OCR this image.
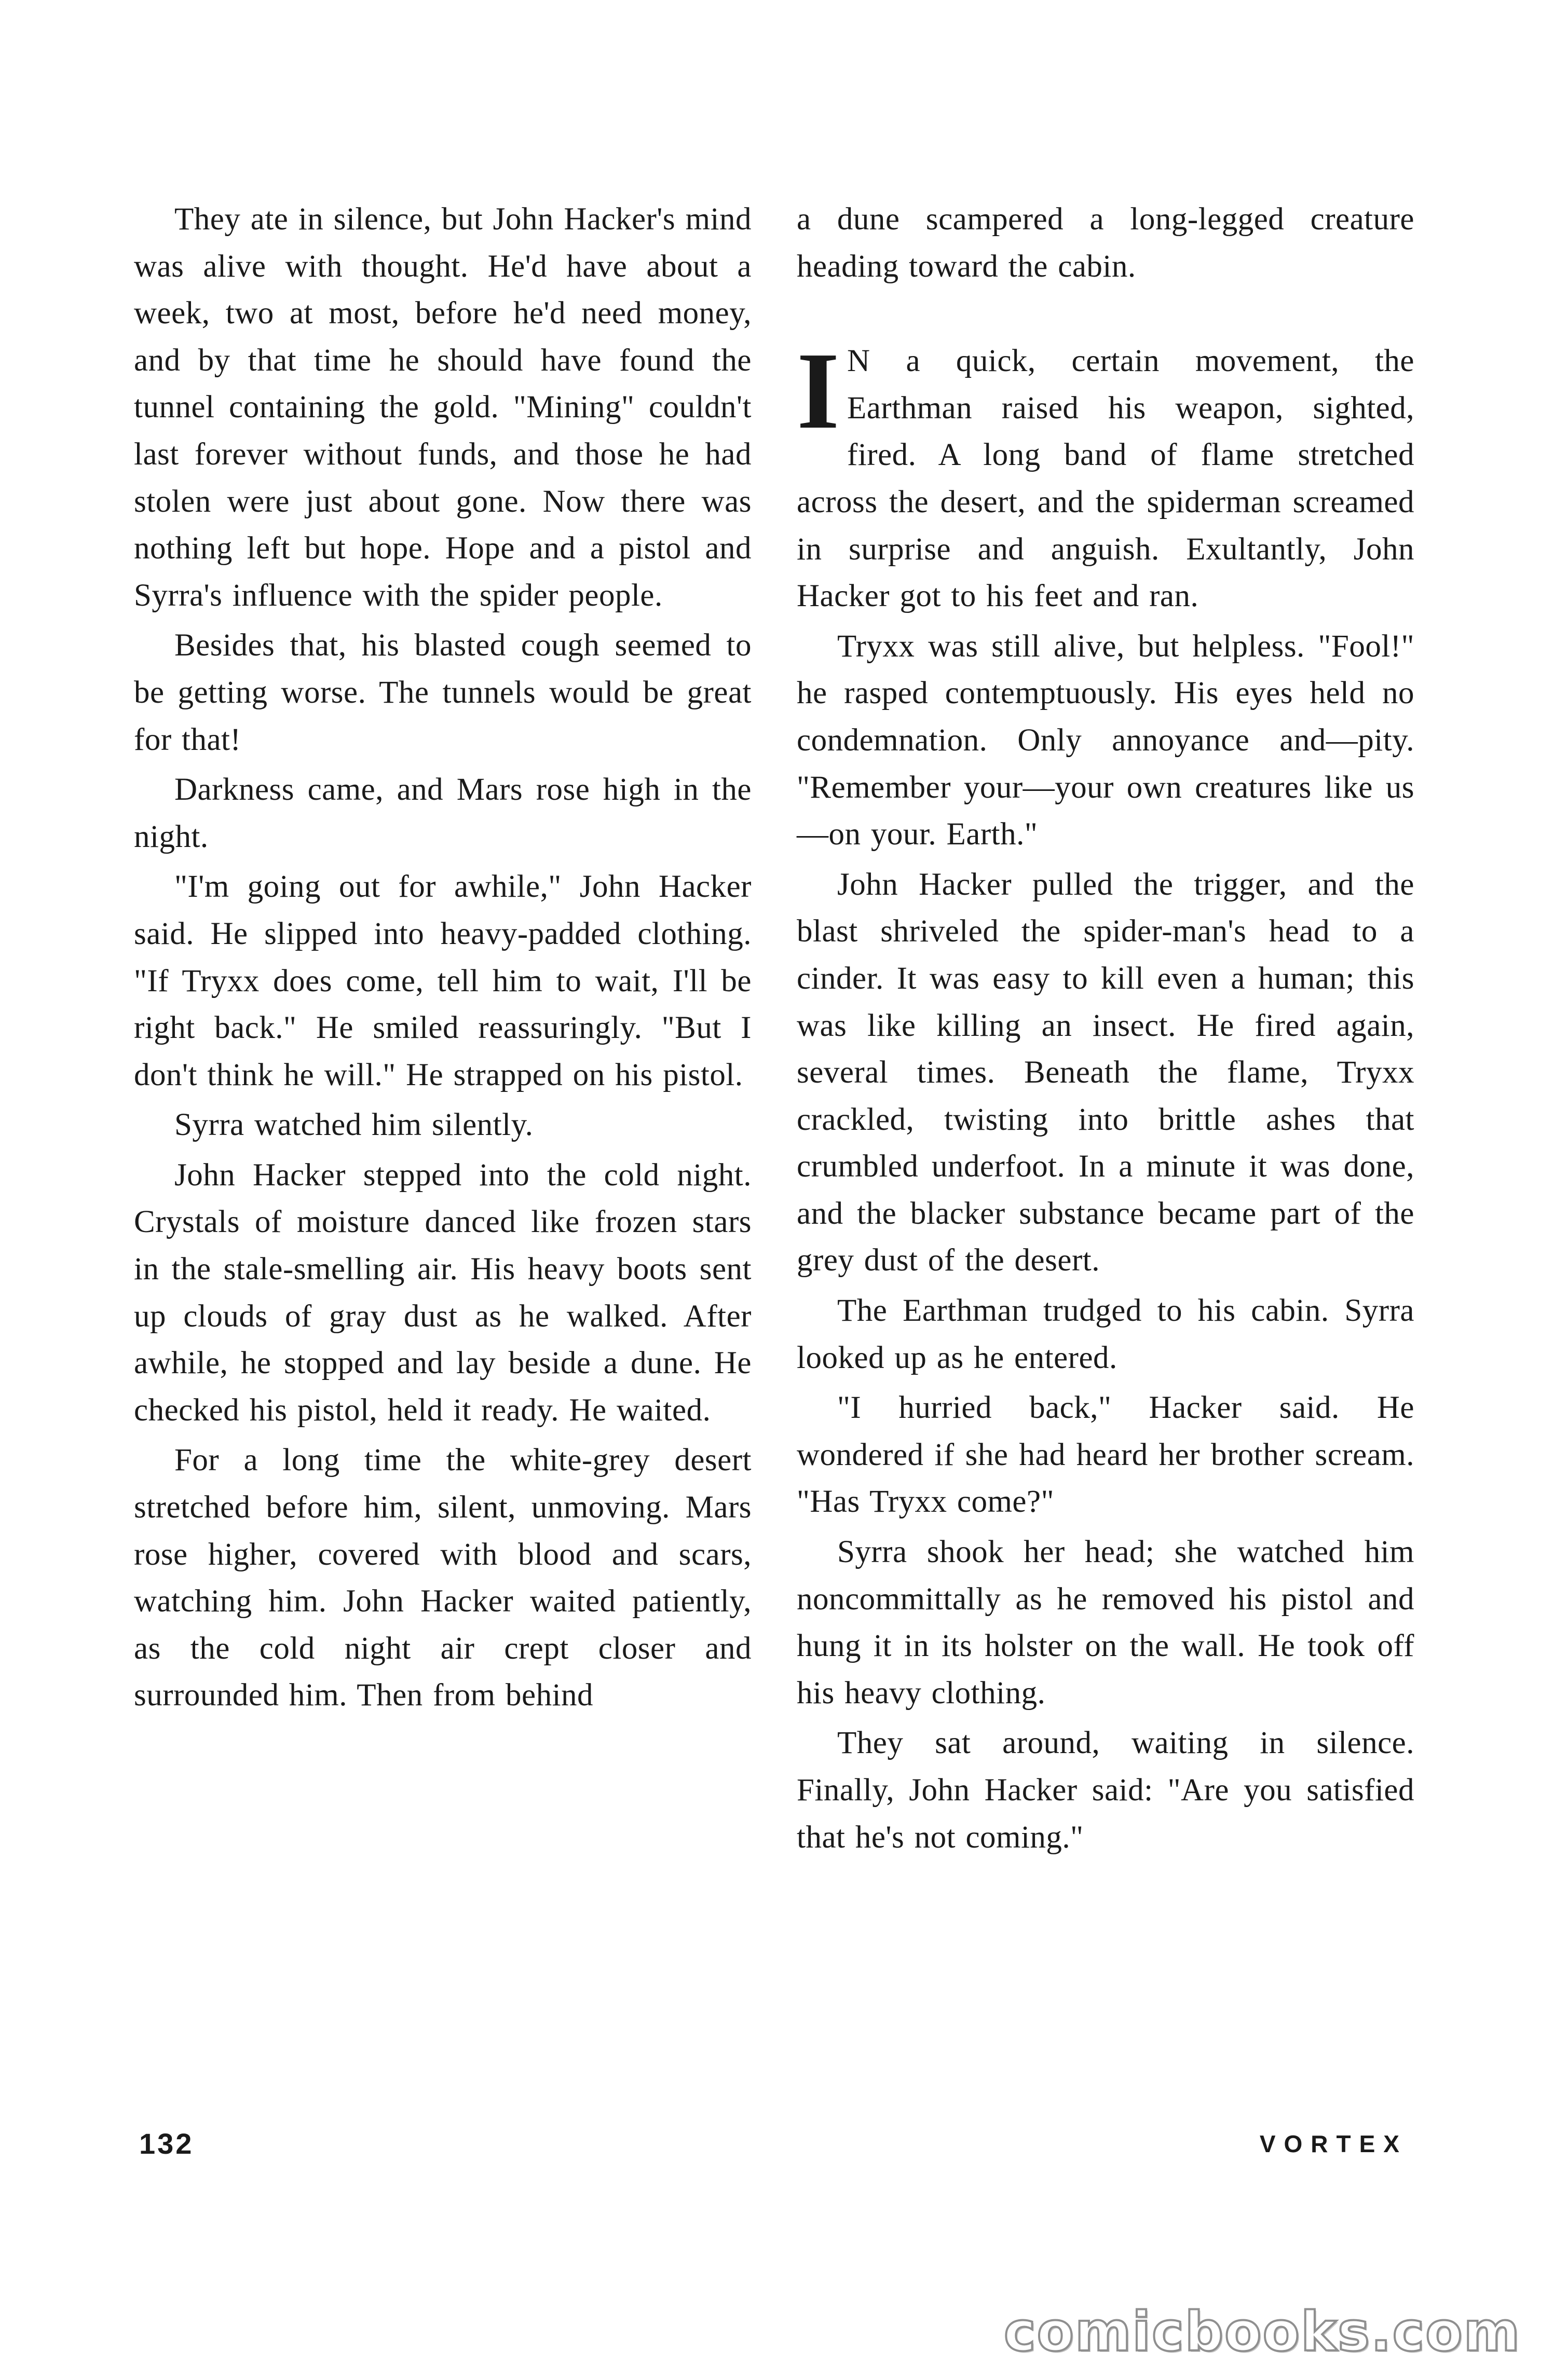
They ate in silence, but John Hacker's mind was alive with thought. He'd have about a week, two at most, before he'd need money, and by that time he should have found the tunnel containing the gold. "Mining" couldn't last forever without funds, and those he had stolen were just about gone. Now there was nothing left but hope. Hope and a pistol and Syrra's influence with the spider people.

Besides that, his blasted cough seemed to be getting worse. The tunnels would be great for that!

Darkness came, and Mars rose high in the night.

"I'm going out for awhile," John Hacker said. He slipped into heavy-padded clothing. "If Tryxx does come, tell him to wait, I'll be right back." He smiled reassuringly. "But I don't think he will." He strapped on his pistol.

Syrra watched him silently.

John Hacker stepped into the cold night. Crystals of moisture danced like frozen stars in the stale-smelling air. His heavy boots sent up clouds of gray dust as he walked. After awhile, he stopped and lay beside a dune. He checked his pistol, held it ready. He waited.

For a long time the white-grey desert stretched before him, silent, unmoving. Mars rose higher, covered with blood and scars, watching him. John Hacker waited patiently, as the cold night air crept closer and surrounded him. Then from behind

a dune scampered a long-legged creature heading toward the cabin.

I N a quick, certain movement, the Earthman raised his weapon, sighted, fired. A long band of flame stretched across the desert, and the spiderman screamed in surprise and anguish. Exultantly, John Hacker got to his feet and ran.

Tryxx was still alive, but helpless. "Fool!" he rasped contemptuously. His eyes held no condemnation. Only annoyance and—pity. "Remember your—your own creatures like us—on your. Earth."

John Hacker pulled the trigger, and the blast shriveled the spider-man's head to a cinder. It was easy to kill even a human; this was like killing an insect. He fired again, several times. Beneath the flame, Tryxx crackled, twisting into brittle ashes that crumbled underfoot. In a minute it was done, and the blacker substance became part of the grey dust of the desert.

The Earthman trudged to his cabin. Syrra looked up as he entered.

"I hurried back," Hacker said. He wondered if she had heard her brother scream. "Has Tryxx come?"

Syrra shook her head; she watched him noncommittally as he removed his pistol and hung it in its holster on the wall. He took off his heavy clothing.

They sat around, waiting in silence. Finally, John Hacker said: "Are you satisfied that he's not coming."

132	VORTEX
comicbooks.com
